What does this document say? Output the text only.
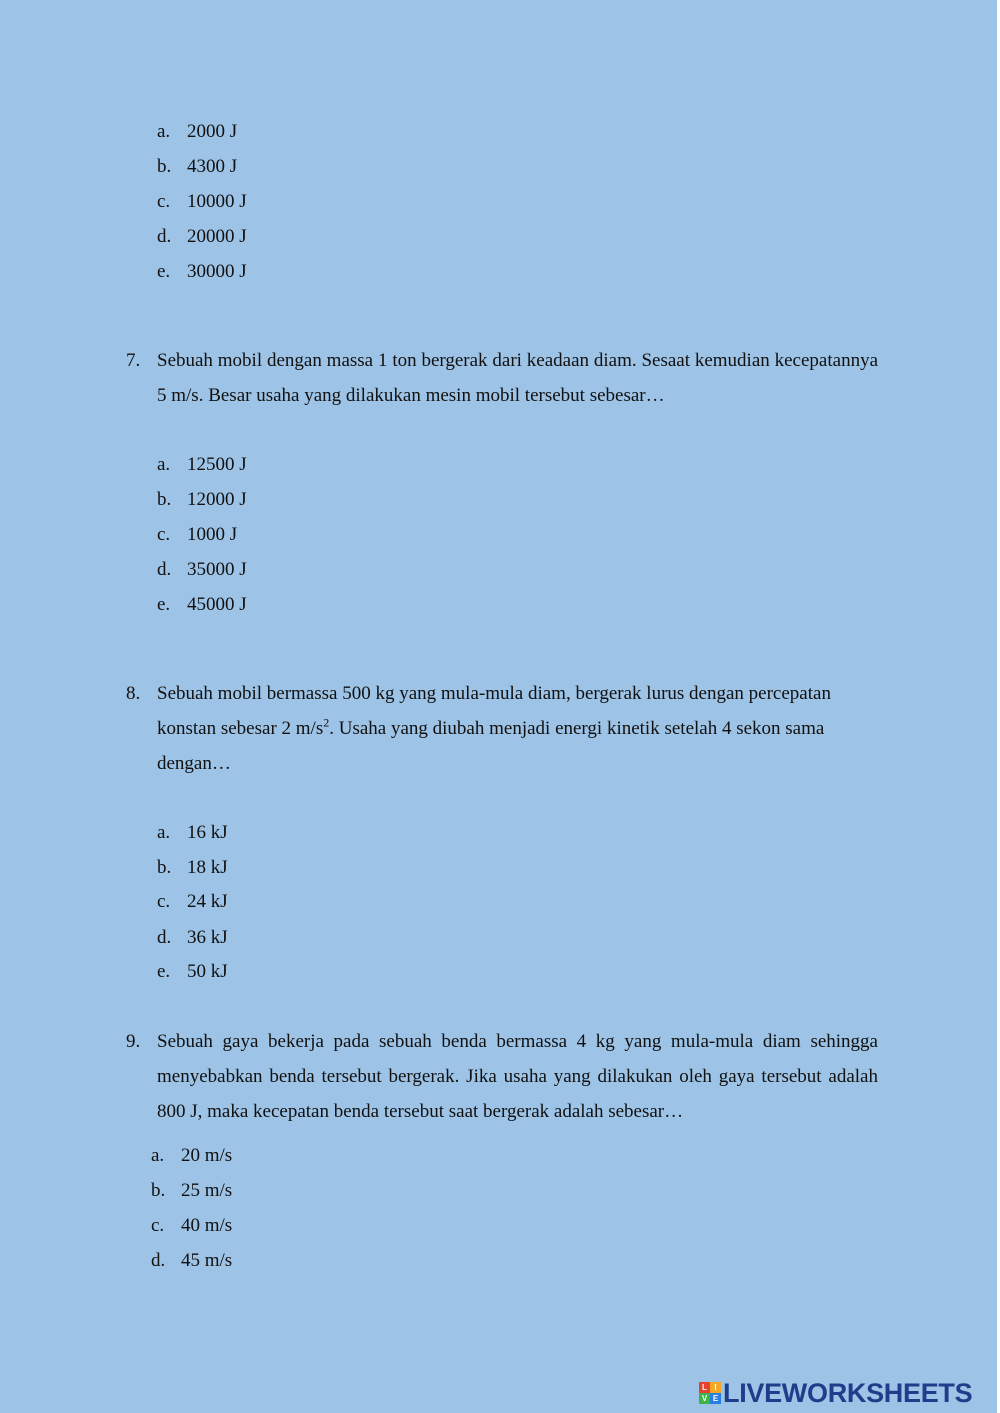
a. 2000 J
b. 4300 J
c. 10000 J
d. 20000 J
e. 30000 J
7. Sebuah mobil dengan massa 1 ton bergerak dari keadaan diam. Sesaat kemudian kecepatannya 5 m/s. Besar usaha yang dilakukan mesin mobil tersebut sebesar…
a. 12500 J
b. 12000 J
c. 1000 J
d. 35000 J
e. 45000 J
8. Sebuah mobil bermassa 500 kg yang mula-mula diam, bergerak lurus dengan percepatan konstan sebesar 2 $m/s^2$. Usaha yang diubah menjadi energi kinetik setelah 4 sekon sama dengan…
a. 16 kJ
b. 18 kJ
c. 24 kJ
d. 36 kJ
e. 50 kJ
9. Sebuah gaya bekerja pada sebuah benda bermassa 4 kg yang mula-mula diam sehingga menyebabkan benda tersebut bergerak. Jika usaha yang dilakukan oleh gaya tersebut adalah 800 J, maka kecepatan benda tersebut saat bergerak adalah sebesar…
a. 20 m/s
b. 25 m/s
c. 40 m/s
d. 45 m/s
L I
V E LIVEWORKSHEETS
